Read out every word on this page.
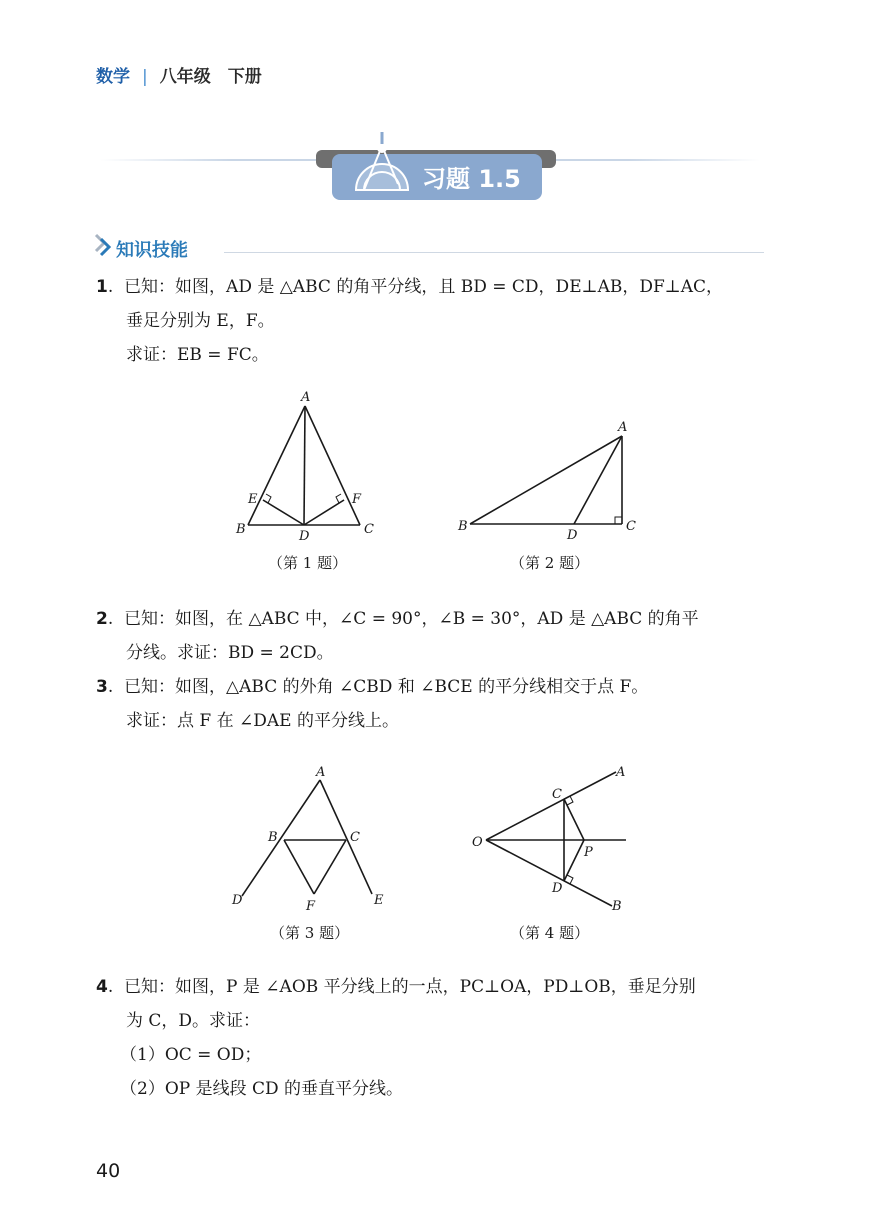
数学 | 八年级　下册
习题 1.5
知识技能
1.  已知：如图，AD 是 △ABC 的角平分线，且 BD = CD，DE⊥AB，DF⊥AC，
垂足分别为 E，F。
求证：EB = FC。
A
B	C
D
E	F
（第 1 题）
A
B	C
D
（第 2 题）
2.  已知：如图，在 △ABC 中，∠C = 90°，∠B = 30°，AD 是 △ABC 的角平
分线。求证：BD = 2CD。
3.  已知：如图，△ABC 的外角 ∠CBD 和 ∠BCE 的平分线相交于点 F。
求证：点 F 在 ∠DAE 的平分线上。
A
B	C
D	E
F
（第 3 题）
O
A
B
C
D
P
（第 4 题）
4.  已知：如图，P 是 ∠AOB 平分线上的一点，PC⊥OA，PD⊥OB，垂足分别
为 C，D。求证：
（1）OC = OD；
（2）OP 是线段 CD 的垂直平分线。
40
